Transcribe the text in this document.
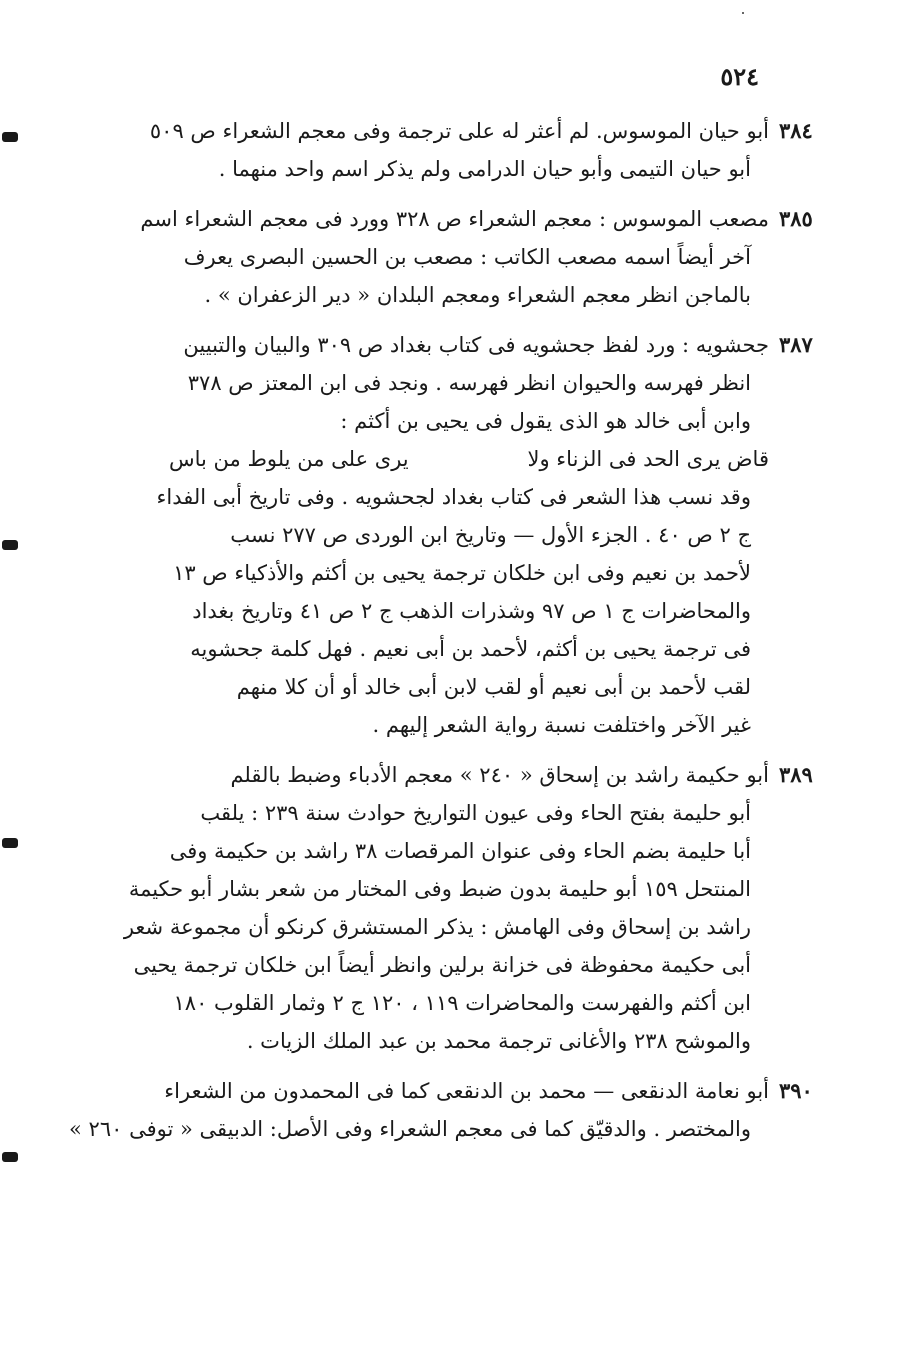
٥٢٤
٣٨٤
أبو حيان الموسوس. لم أعثر له على ترجمة وفى معجم الشعراء ص ٥٠٩
أبو حيان التيمى وأبو حيان الدرامى ولم يذكر اسم واحد منهما .
٣٨٥
مصعب الموسوس : معجم الشعراء ص ٣٢٨ وورد فى معجم الشعراء اسم
آخر أيضاً اسمه مصعب الكاتب : مصعب بن الحسين البصرى يعرف
بالماجن انظر معجم الشعراء ومعجم البلدان « دير الزعفران » .
٣٨٧
جحشويه : ورد لفظ جحشويه فى كتاب بغداد ص ٣٠٩ والبيان والتبيين
انظر فهرسه والحيوان انظر فهرسه . ونجد فى ابن المعتز ص ٣٧٨
وابن أبى خالد هو الذى يقول فى يحيى بن أكثم :
قاض يرى الحد فى الزناء ولا
يرى على من يلوط من باس
وقد نسب هذا الشعر فى كتاب بغداد لجحشويه . وفى تاريخ أبى الفداء
ج ٢ ص ٤٠ . الجزء الأول — وتاريخ ابن الوردى ص ٢٧٧ نسب
لأحمد بن نعيم وفى ابن خلكان ترجمة يحيى بن أكثم والأذكياء ص ١٣
والمحاضرات ج ١ ص ٩٧ وشذرات الذهب ج ٢ ص ٤١ وتاريخ بغداد
فى ترجمة يحيى بن أكثم، لأحمد بن أبى نعيم . فهل كلمة جحشويه
لقب لأحمد بن أبى نعيم أو لقب لابن أبى خالد أو أن كلا منهم
غير الآخر واختلفت نسبة رواية الشعر إليهم .
٣٨٩
أبو حكيمة راشد بن إسحاق « ٢٤٠ » معجم الأدباء وضبط بالقلم
أبو حليمة بفتح الحاء وفى عيون التواريخ حوادث سنة ٢٣٩ : يلقب
أبا حليمة بضم الحاء وفى عنوان المرقصات ٣٨ راشد بن حكيمة وفى
المنتحل ١٥٩ أبو حليمة بدون ضبط وفى المختار من شعر بشار أبو حكيمة
راشد بن إسحاق وفى الهامش : يذكر المستشرق كرنكو أن مجموعة شعر
أبى حكيمة محفوظة فى خزانة برلين وانظر أيضاً ابن خلكان ترجمة يحيى
ابن أكثم والفهرست والمحاضرات ١١٩ ، ١٢٠ ج ٢ وثمار القلوب ١٨٠
والموشح ٢٣٨ والأغانى ترجمة محمد بن عبد الملك الزيات .
٣٩٠
أبو نعامة الدنقعى — محمد بن الدنقعى كما فى المحمدون من الشعراء
والمختصر . والدقيّق كما فى معجم الشعراء وفى الأصل: الدبيقى « توفى ٢٦٠ »
